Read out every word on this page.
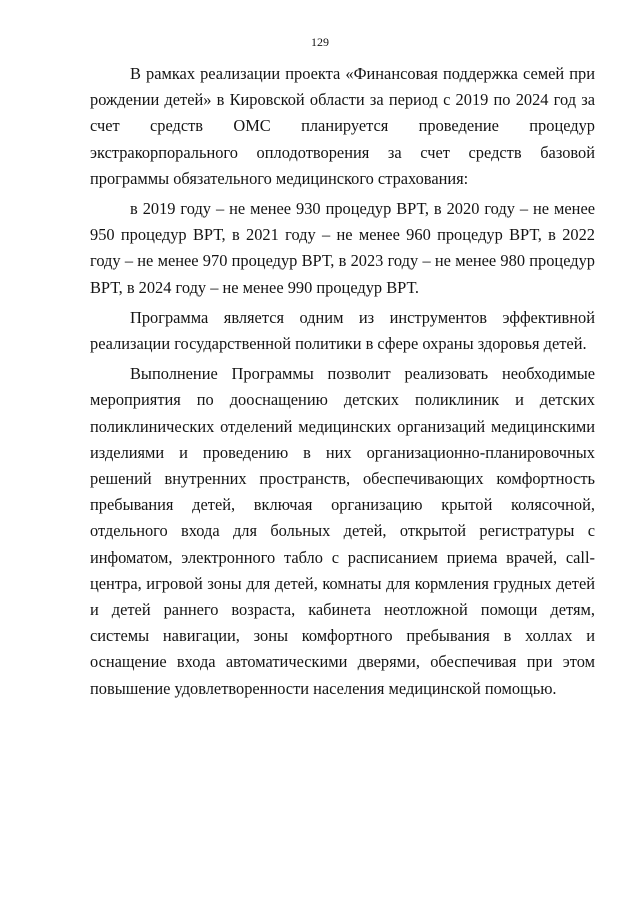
129

В рамках реализации проекта «Финансовая поддержка семей при рождении детей» в Кировской области за период с 2019 по 2024 год за счет средств ОМС планируется проведение процедур экстракорпорального оплодотворения за счет средств базовой программы обязательного медицинского страхования:

в 2019 году – не менее 930 процедур ВРТ, в 2020 году – не менее 950 процедур ВРТ, в 2021 году – не менее 960 процедур ВРТ, в 2022 году – не менее 970 процедур ВРТ, в 2023 году – не менее 980 процедур ВРТ, в 2024 году – не менее 990 процедур ВРТ.

Программа является одним из инструментов эффективной реализации государственной политики в сфере охраны здоровья детей.

Выполнение Программы позволит реализовать необходимые мероприятия по дооснащению детских поликлиник и детских поликлинических отделений медицинских организаций медицинскими изделиями и проведению в них организационно-планировочных решений внутренних пространств, обеспечивающих комфортность пребывания детей, включая организацию крытой колясочной, отдельного входа для больных детей, открытой регистратуры с инфоматом, электронного табло с расписанием приема врачей, call-центра, игровой зоны для детей, комнаты для кормления грудных детей и детей раннего возраста, кабинета неотложной помощи детям, системы навигации, зоны комфортного пребывания в холлах и оснащение входа автоматическими дверями, обеспечивая при этом повышение удовлетворенности населения медицинской помощью.
